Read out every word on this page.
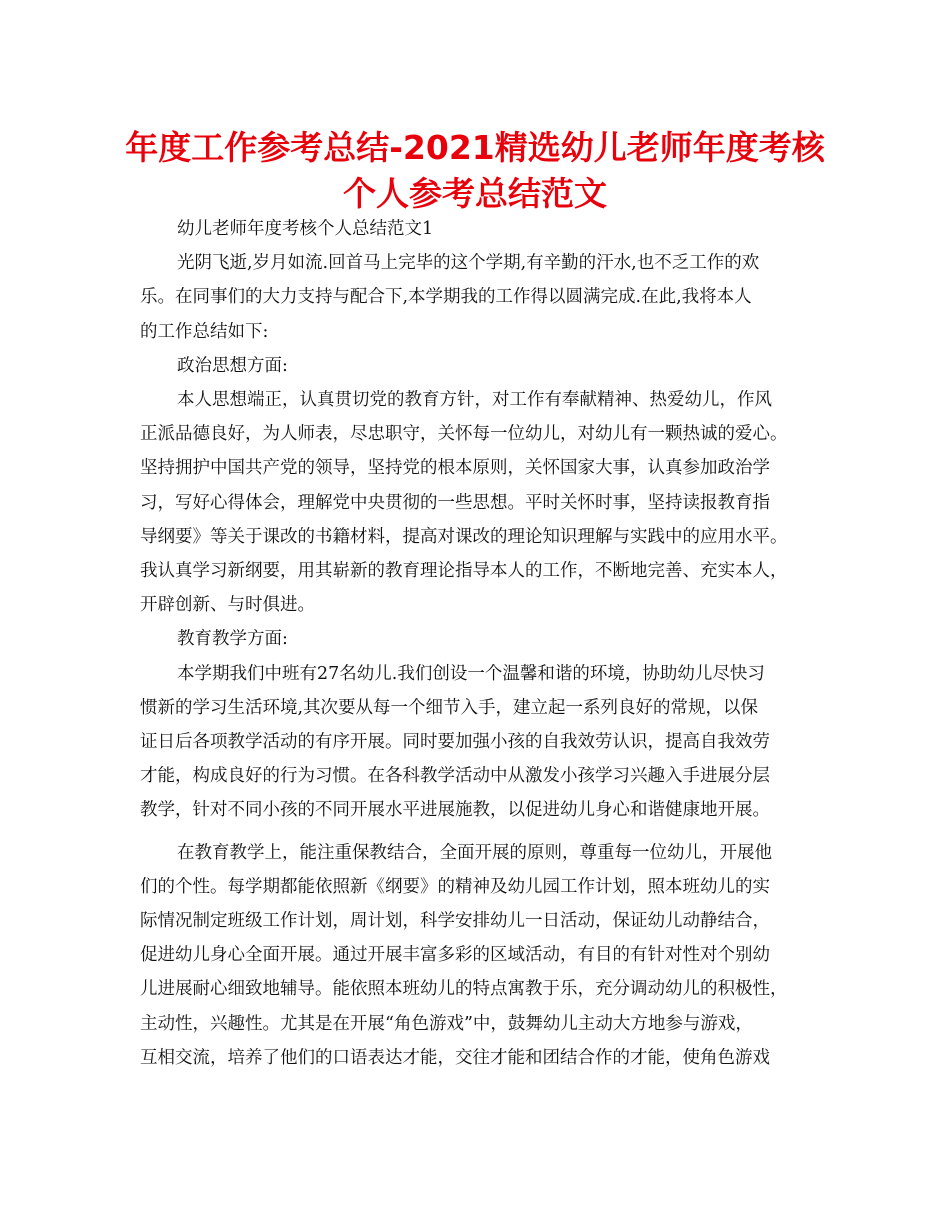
年度工作参考总结-2021精选幼儿老师年度考核
个人参考总结范文

幼儿老师年度考核个人总结范文1

光阴飞逝,岁月如流.回首马上完毕的这个学期,有辛勤的汗水,也不乏工作的欢
乐。在同事们的大力支持与配合下,本学期我的工作得以圆满完成.在此,我将本人
的工作总结如下:

政治思想方面:

本人思想端正，认真贯切党的教育方针，对工作有奉献精神、热爱幼儿，作风
正派品德良好，为人师表，尽忠职守，关怀每一位幼儿，对幼儿有一颗热诚的爱心。
坚持拥护中国共产党的领导，坚持党的根本原则，关怀国家大事，认真参加政治学
习，写好心得体会，理解党中央贯彻的一些思想。平时关怀时事，坚持读报教育指
导纲要》等关于课改的书籍材料，提高对课改的理论知识理解与实践中的应用水平。
我认真学习新纲要，用其崭新的教育理论指导本人的工作，不断地完善、充实本人，
开辟创新、与时俱进。

教育教学方面:

本学期我们中班有27名幼儿.我们创设一个温馨和谐的环境，协助幼儿尽快习
惯新的学习生活环境,其次要从每一个细节入手，建立起一系列良好的常规，以保
证日后各项教学活动的有序开展。同时要加强小孩的自我效劳认识，提高自我效劳
才能，构成良好的行为习惯。在各科教学活动中从激发小孩学习兴趣入手进展分层
教学，针对不同小孩的不同开展水平进展施教，以促进幼儿身心和谐健康地开展。

在教育教学上，能注重保教结合，全面开展的原则，尊重每一位幼儿，开展他
们的个性。每学期都能依照新《纲要》的精神及幼儿园工作计划，照本班幼儿的实
际情况制定班级工作计划，周计划，科学安排幼儿一日活动，保证幼儿动静结合，
促进幼儿身心全面开展。通过开展丰富多彩的区域活动，有目的有针对性对个别幼
儿进展耐心细致地辅导。能依照本班幼儿的特点寓教于乐，充分调动幼儿的积极性，
主动性，兴趣性。尤其是在开展“角色游戏”中，鼓舞幼儿主动大方地参与游戏，
互相交流，培养了他们的口语表达才能，交往才能和团结合作的才能，使角色游戏
